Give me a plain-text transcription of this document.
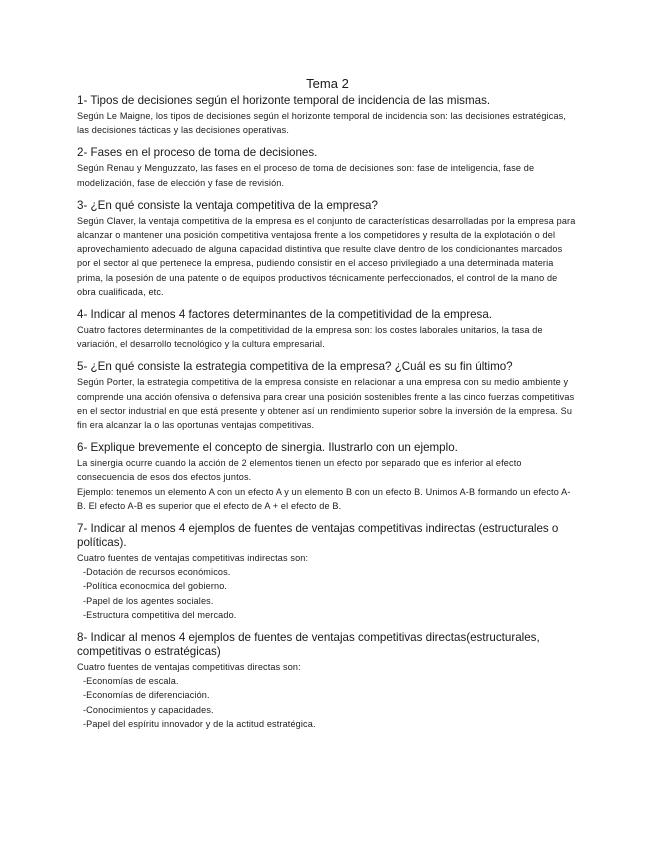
Tema 2
1- Tipos de decisiones según el horizonte temporal de incidencia de las mismas.

Según Le Maigne, los tipos de decisiones según el horizonte temporal de incidencia son: las decisiones estratégicas, las decisiones tácticas y las decisiones operativas.

2- Fases en el proceso de toma de decisiones.

Según Renau y Menguzzato, las fases en el proceso de toma de decisiones son: fase de inteligencia, fase de modelización, fase de elección y fase de revisión.

3- ¿En qué consiste la ventaja competitiva de la empresa?

Según Claver, la ventaja competitiva de la empresa es el conjunto de características desarrolladas por la empresa para alcanzar o mantener una posición competitiva ventajosa frente a los competidores y resulta de la explotación o del aprovechamiento adecuado de alguna capacidad distintiva que resulte clave dentro de los condicionantes marcados por el sector al que pertenece la empresa, pudiendo consistir en el acceso privilegiado a una determinada materia prima, la posesión de una patente o de equipos productivos técnicamente perfeccionados, el control de la mano de obra cualificada, etc.

4- Indicar al menos 4 factores determinantes de la competitividad de la empresa.

Cuatro factores determinantes de la competitividad de la empresa son: los costes laborales unitarios, la tasa de variación, el desarrollo tecnológico y la cultura empresarial.

5- ¿En qué consiste la estrategia competitiva de la empresa? ¿Cuál es su fin último?

Según Porter, la estrategia competitiva de la empresa consiste en relacionar a una empresa con su medio ambiente y comprende una acción ofensiva o defensiva para crear una posición sostenibles frente a las cinco fuerzas competitivas en el sector industrial en que está presente y obtener así un rendimiento superior sobre la inversión de la empresa. Su fin era alcanzar la o las oportunas ventajas competitivas.

6- Explique brevemente el concepto de sinergia. Ilustrarlo con un ejemplo.

La sinergia ocurre cuando la acción de 2 elementos tienen un efecto por separado que es inferior al efecto consecuencia de esos dos efectos juntos.

Ejemplo: tenemos un elemento A con un efecto A y un elemento B con un efecto B. Unimos A-B formando un efecto A-B. El efecto A-B es superior que el efecto de A + el efecto de B.

7- Indicar al menos 4 ejemplos de fuentes de ventajas competitivas indirectas (estructurales o políticas).

Cuatro fuentes de ventajas competitivas indirectas son:

-Dotación de recursos económicos.
-Política econocmica del gobierno.
-Papel de los agentes sociales.
-Estructura competitiva del mercado.
8- Indicar al menos 4 ejemplos de fuentes de ventajas competitivas directas(estructurales, competitivas o estratégicas)

Cuatro fuentes de ventajas competitivas directas son:

-Economías de escala.
-Economías de diferenciación.
-Conocimientos y capacidades.
-Papel del espíritu innovador y de la actitud estratégica.
